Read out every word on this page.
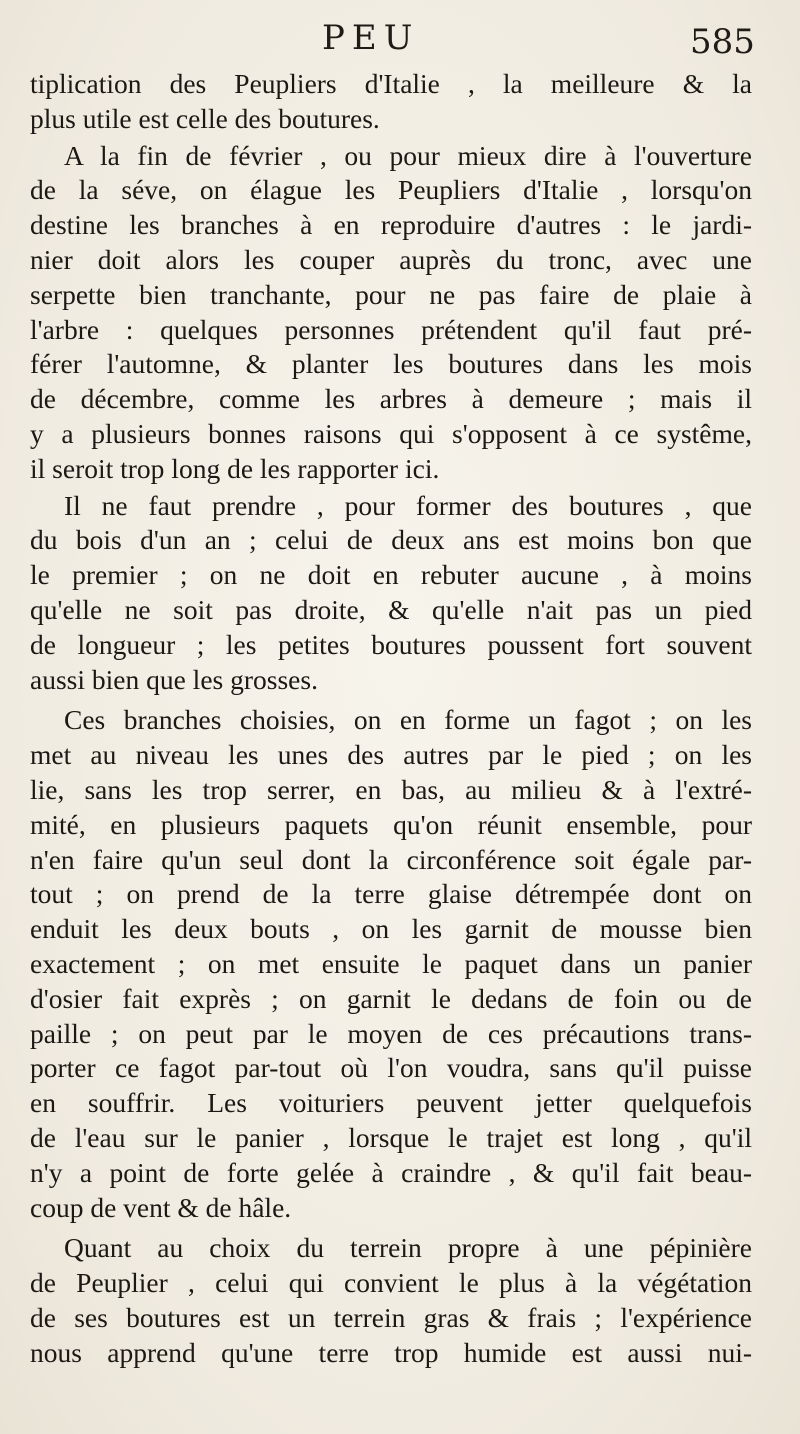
PEU	585
tiplication des Peupliers d'Italie , la meilleure & la
plus utile est celle des boutures.
A la fin de février , ou pour mieux dire à l'ouverture
de la séve, on élague les Peupliers d'Italie , lorsqu'on
destine les branches à en reproduire d'autres : le jardi-
nier doit alors les couper auprès du tronc, avec une
serpette bien tranchante, pour ne pas faire de plaie à
l'arbre : quelques personnes prétendent qu'il faut pré-
férer l'automne, & planter les boutures dans les mois
de décembre, comme les arbres à demeure ; mais il
y a plusieurs bonnes raisons qui s'opposent à ce systême,
il seroit trop long de les rapporter ici.
Il ne faut prendre , pour former des boutures , que
du bois d'un an ; celui de deux ans est moins bon que
le premier ; on ne doit en rebuter aucune , à moins
qu'elle ne soit pas droite, & qu'elle n'ait pas un pied
de longueur ; les petites boutures poussent fort souvent
aussi bien que les grosses.
Ces branches choisies, on en forme un fagot ; on les
met au niveau les unes des autres par le pied ; on les
lie, sans les trop serrer, en bas, au milieu & à l'extré-
mité, en plusieurs paquets qu'on réunit ensemble, pour
n'en faire qu'un seul dont la circonférence soit égale par-
tout ; on prend de la terre glaise détrempée dont on
enduit les deux bouts , on les garnit de mousse bien
exactement ; on met ensuite le paquet dans un panier
d'osier fait exprès ; on garnit le dedans de foin ou de
paille ; on peut par le moyen de ces précautions trans-
porter ce fagot par-tout où l'on voudra, sans qu'il puisse
en souffrir. Les voituriers peuvent jetter quelquefois
de l'eau sur le panier , lorsque le trajet est long , qu'il
n'y a point de forte gelée à craindre , & qu'il fait beau-
coup de vent & de hâle.
Quant au choix du terrein propre à une pépinière
de Peuplier , celui qui convient le plus à la végétation
de ses boutures est un terrein gras & frais ; l'expérience
nous apprend qu'une terre trop humide est aussi nui-
